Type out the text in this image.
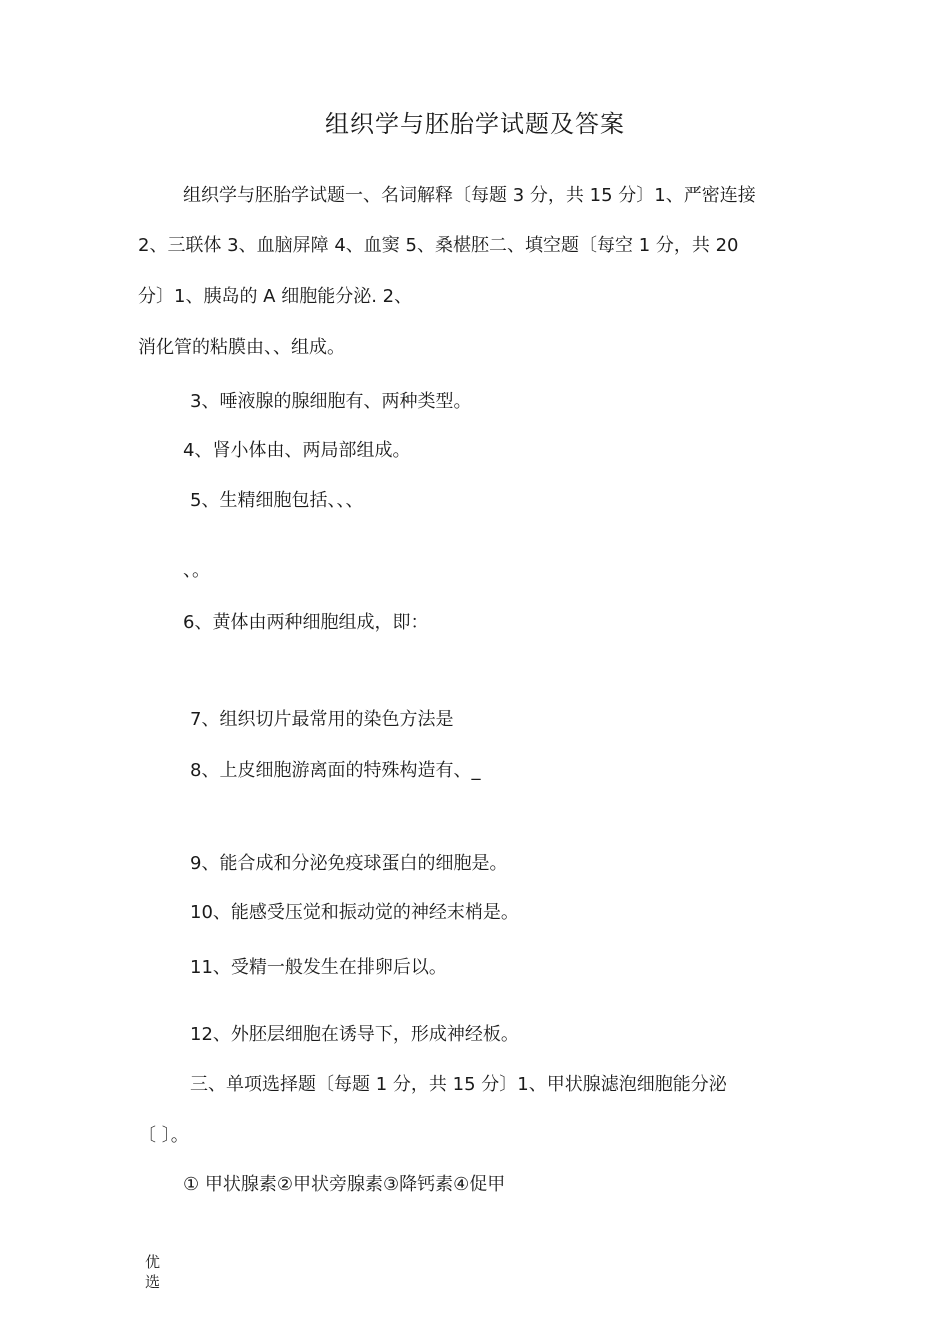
组织学与胚胎学试题及答案
组织学与胚胎学试题一、名词解释〔每题 3 分，共 15 分〕1、严密连接
2、三联体 3、血脑屏障 4、血窦 5、桑椹胚二、填空题〔每空 1 分，共 20
分〕1、胰岛的 A 细胞能分泌. 2、
消化管的粘膜由、、组成。
3、唾液腺的腺细胞有、两种类型。
4、肾小体由、两局部组成。
5、生精细胞包括、、、
、。
6、黄体由两种细胞组成，即：
7、组织切片最常用的染色方法是
8、上皮细胞游离面的特殊构造有、_
9、能合成和分泌免疫球蛋白的细胞是。
10、能感受压觉和振动觉的神经末梢是。
11、受精一般发生在排卵后以。
12、外胚层细胞在诱导下，形成神经板。
三、单项选择题〔每题 1 分，共 15 分〕1、甲状腺滤泡细胞能分泌
〔 〕。
① 甲状腺素②甲状旁腺素③降钙素④促甲
优选
